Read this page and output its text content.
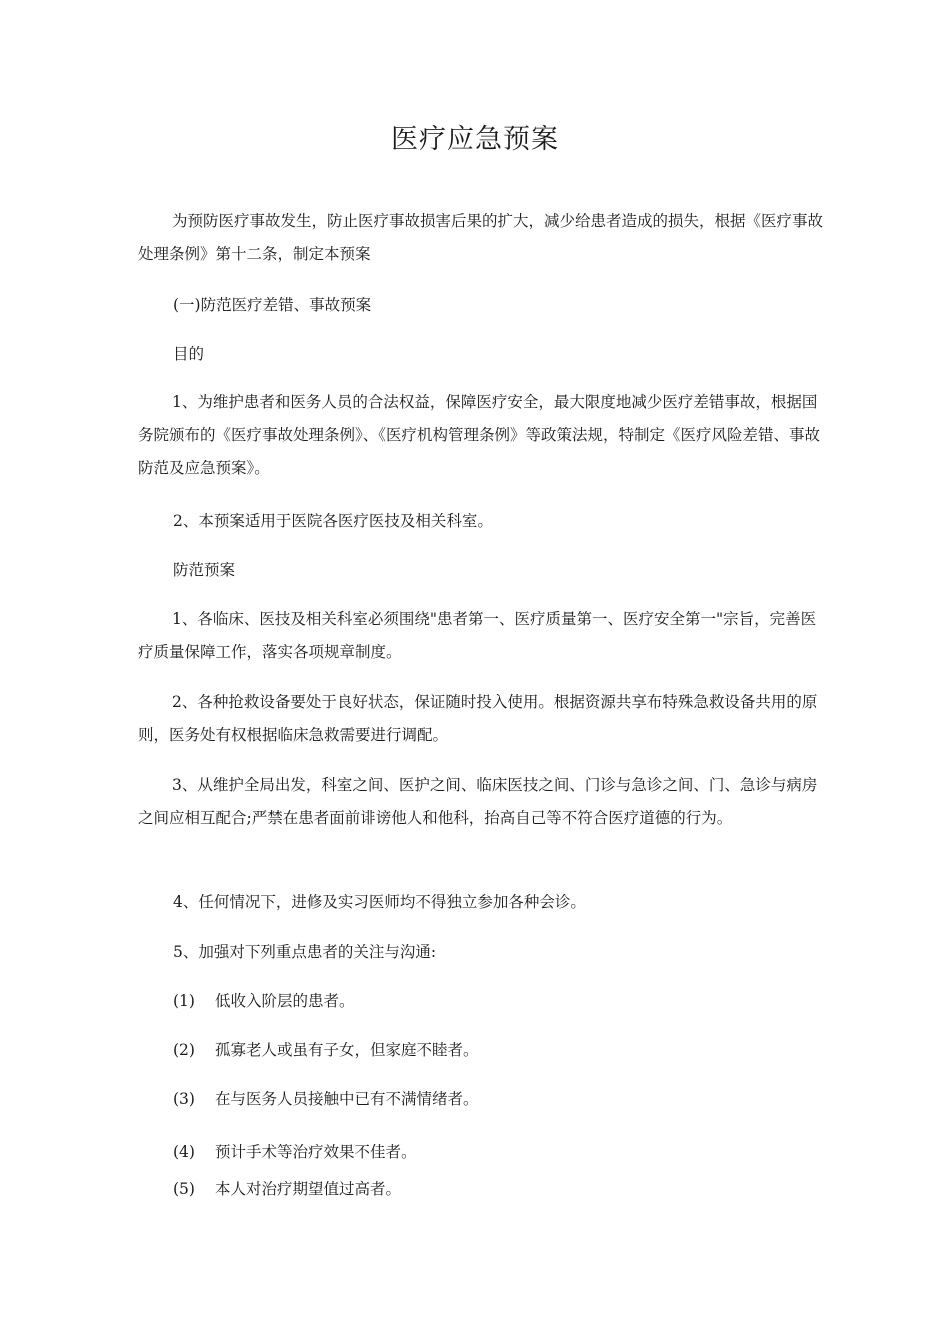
医疗应急预案
为预防医疗事故发生，防止医疗事故损害后果的扩大，减少给患者造成的损失，根据《医疗事故处理条例》第十二条，制定本预案
(一)防范医疗差错、事故预案
目的
1、为维护患者和医务人员的合法权益，保障医疗安全，最大限度地减少医疗差错事故，根据国务院颁布的《医疗事故处理条例》、《医疗机构管理条例》等政策法规，特制定《医疗风险差错、事故防范及应急预案》。
2、本预案适用于医院各医疗医技及相关科室。
防范预案
1、各临床、医技及相关科室必须围绕"患者第一、医疗质量第一、医疗安全第一"宗旨，完善医疗质量保障工作，落实各项规章制度。
2、各种抢救设备要处于良好状态，保证随时投入使用。根据资源共享布特殊急救设备共用的原则，医务处有权根据临床急救需要进行调配。
3、从维护全局出发，科室之间、医护之间、临床医技之间、门诊与急诊之间、门、急诊与病房之间应相互配合;严禁在患者面前诽谤他人和他科，抬高自己等不符合医疗道德的行为。
4、任何情况下，进修及实习医师均不得独立参加各种会诊。
5、加强对下列重点患者的关注与沟通:
(1) 低收入阶层的患者。
(2) 孤寡老人或虽有子女，但家庭不睦者。
(3) 在与医务人员接触中已有不满情绪者。
(4) 预计手术等治疗效果不佳者。
(5) 本人对治疗期望值过高者。
